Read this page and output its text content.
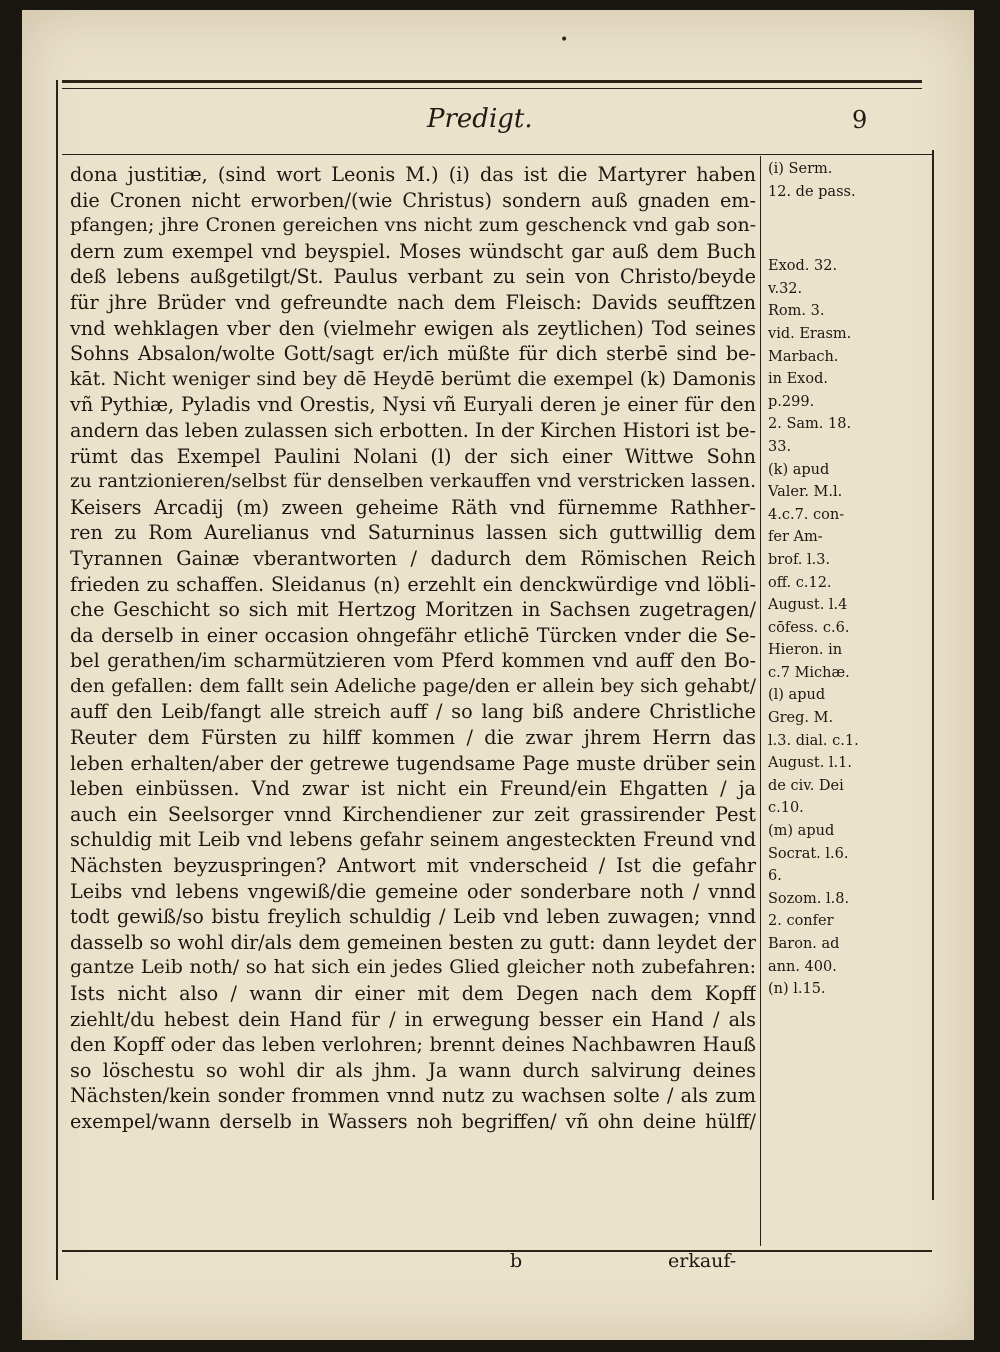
•
Predigt.	9
dona justitiæ, (sind wort Leonis M.) (i) das ist die Martyrer haben
die Cronen nicht erworben/(wie Christus) sondern auß gnaden em-
pfangen; jhre Cronen gereichen vns nicht zum geschenck vnd gab son-
dern zum exempel vnd beyspiel. Moses wündscht gar auß dem Buch
deß lebens außgetilgt/St. Paulus verbant zu sein von Christo/beyde
für jhre Brüder vnd gefreundte nach dem Fleisch: Davids seufftzen
vnd wehklagen vber den (vielmehr ewigen als zeytlichen) Tod seines
Sohns Absalon/wolte Gott/sagt er/ich müßte für dich sterbē sind be-
kāt. Nicht weniger sind bey dē Heydē berümt die exempel (k) Damonis
vñ Pythiæ, Pyladis vnd Orestis, Nysi vñ Euryali deren je einer für den
andern das leben zulassen sich erbotten. In der Kirchen Histori ist be-
rümt das Exempel Paulini Nolani (l) der sich einer Wittwe Sohn
zu rantzionieren/selbst für denselben verkauffen vnd verstricken lassen.
Keisers Arcadij (m) zween geheime Räth vnd fürnemme Rathher-
ren zu Rom Aurelianus vnd Saturninus lassen sich guttwillig dem
Tyrannen Gainæ vberantworten / dadurch dem Römischen Reich
frieden zu schaffen. Sleidanus (n) erzehlt ein denckwürdige vnd löbli-
che Geschicht so sich mit Hertzog Moritzen in Sachsen zugetragen/
da derselb in einer occasion ohngefähr etlichē Türcken vnder die Se-
bel gerathen/im scharmützieren vom Pferd kommen vnd auff den Bo-
den gefallen: dem fallt sein Adeliche page/den er allein bey sich gehabt/
auff den Leib/fangt alle streich auff / so lang biß andere Christliche
Reuter dem Fürsten zu hilff kommen / die zwar jhrem Herrn das
leben erhalten/aber der getrewe tugendsame Page muste drüber sein
leben einbüssen. Vnd zwar ist nicht ein Freund/ein Ehgatten / ja
auch ein Seelsorger vnnd Kirchendiener zur zeit grassirender Pest
schuldig mit Leib vnd lebens gefahr seinem angesteckten Freund vnd
Nächsten beyzuspringen? Antwort mit vnderscheid / Ist die gefahr
Leibs vnd lebens vngewiß/die gemeine oder sonderbare noth / vnnd
todt gewiß/so bistu freylich schuldig / Leib vnd leben zuwagen; vnnd
dasselb so wohl dir/als dem gemeinen besten zu gutt: dann leydet der
gantze Leib noth/ so hat sich ein jedes Glied gleicher noth zubefahren:
Ists nicht also / wann dir einer mit dem Degen nach dem Kopff
ziehlt/du hebest dein Hand für / in erwegung besser ein Hand / als
den Kopff oder das leben verlohren; brennt deines Nachbawren Hauß
so löschestu so wohl dir als jhm. Ja wann durch salvirung deines
Nächsten/kein sonder frommen vnnd nutz zu wachsen solte / als zum
exempel/wann derselb in Wassers noh begriffen/ vñ ohn deine hülff/
(i) Serm.
12. de pass.
Exod. 32.
v.32.
Rom. 3.
vid. Erasm.
Marbach.
in Exod.
p.299.
2. Sam. 18.
33.
(k) apud
Valer. M.l.
4.c.7. con-
fer Am-
brof. l.3.
off. c.12.
August. l.4
cōfess. c.6.
Hieron. in
c.7 Michæ.
(l) apud
Greg. M.
l.3. dial. c.1.
August. l.1.
de civ. Dei
c.10.
(m) apud
Socrat. l.6.
6.
Sozom. l.8.
2. confer
Baron. ad
ann. 400.
(n) l.15.
b	erkauf-
